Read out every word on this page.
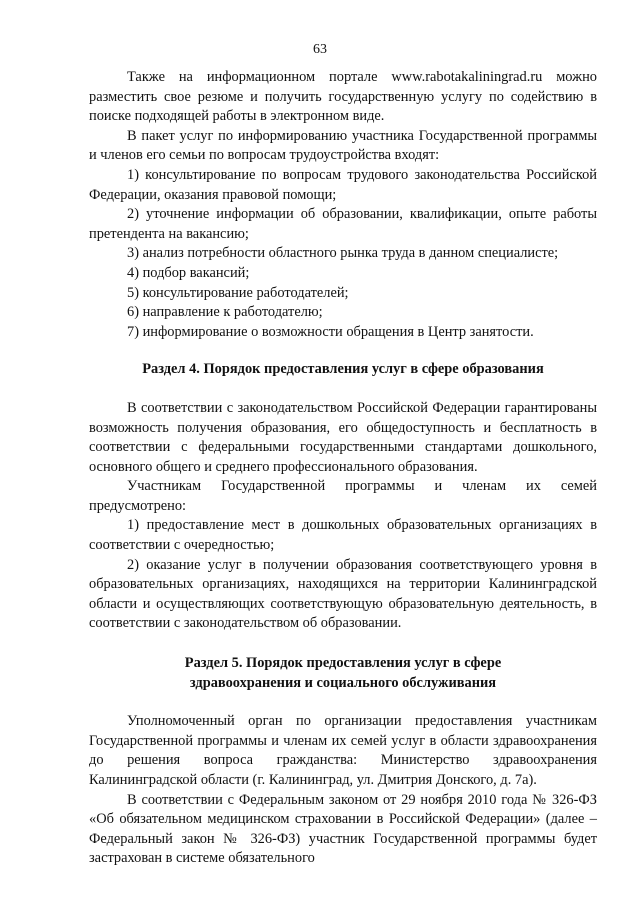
63

Также на информационном портале www.rabotakaliningrad.ru можно разместить свое резюме и получить государственную услугу по содействию в поиске подходящей работы в электронном виде.

В пакет услуг по информированию участника Государственной программы и членов его семьи по вопросам трудоустройства входят:

1) консультирование по вопросам трудового законодательства Российской Федерации, оказания правовой помощи;

2) уточнение информации об образовании, квалификации, опыте работы претендента на вакансию;

3) анализ потребности областного рынка труда в данном специалисте;

4) подбор вакансий;

5) консультирование работодателей;

6) направление к работодателю;

7) информирование о возможности обращения в Центр занятости.

Раздел 4. Порядок предоставления услуг в сфере образования

В соответствии с законодательством Российской Федерации гарантированы возможность получения образования, его общедоступность и бесплатность в соответствии с федеральными государственными стандартами дошкольного, основного общего и среднего профессионального образования.

Участникам Государственной программы и членам их семей предусмотрено:

1) предоставление мест в дошкольных образовательных организациях в соответствии с очередностью;

2) оказание услуг в получении образования соответствующего уровня в образовательных организациях, находящихся на территории Калининградской области и осуществляющих соответствующую образовательную деятельность, в соответствии с законодательством об образовании.

Раздел 5. Порядок предоставления услуг в сфере
здравоохранения и социального обслуживания

Уполномоченный орган по организации предоставления участникам Государственной программы и членам их семей услуг в области здравоохранения до решения вопроса гражданства: Министерство здравоохранения Калининградской области (г. Калининград, ул. Дмитрия Донского, д. 7а).

В соответствии с Федеральным законом от 29 ноября 2010 года № 326-ФЗ «Об обязательном медицинском страховании в Российской Федерации» (далее – Федеральный закон № 326-ФЗ) участник Государственной программы будет застрахован в системе обязательного
